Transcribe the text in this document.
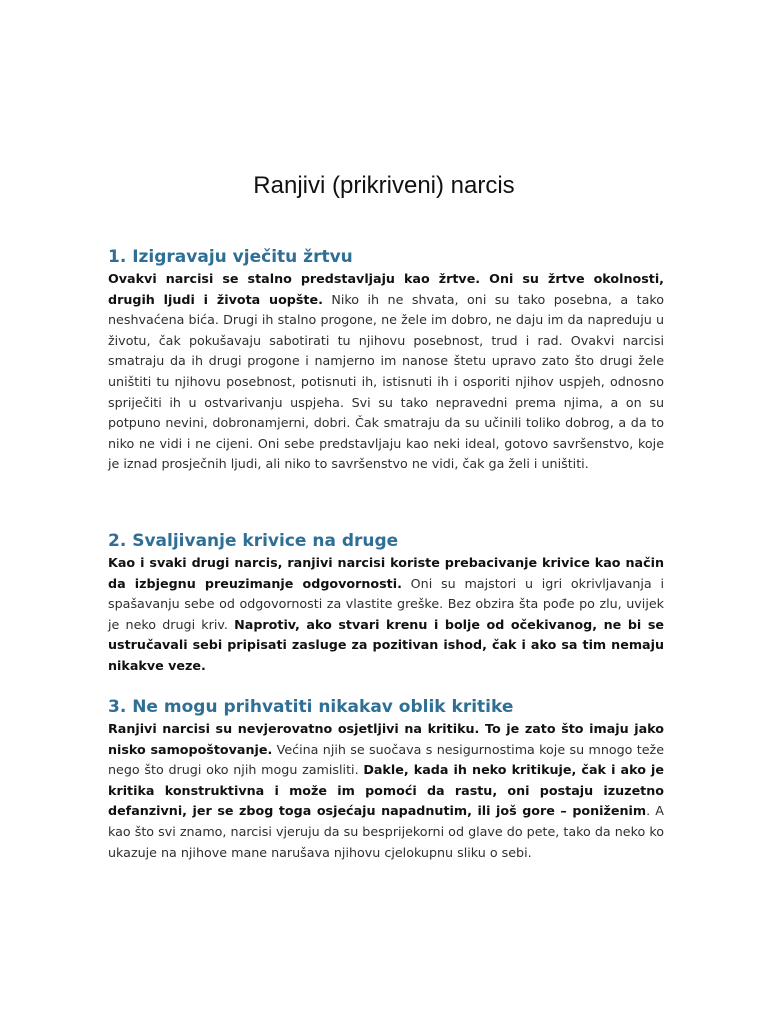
Ranjivi (prikriveni) narcis
1. Izigravaju vječitu žrtvu

Ovakvi narcisi se stalno predstavljaju kao žrtve. Oni su žrtve okolnosti, drugih ljudi i života uopšte. Niko ih ne shvata, oni su tako posebna, a tako neshvaćena bića. Drugi ih stalno progone, ne žele im dobro, ne daju im da napreduju u životu, čak pokušavaju sabotirati tu njihovu posebnost, trud i rad. Ovakvi narcisi smatraju da ih drugi progone i namjerno im nanose štetu upravo zato što drugi žele uništiti tu njihovu posebnost, potisnuti ih, istisnuti ih i osporiti njihov uspjeh, odnosno spriječiti ih u ostvarivanju uspjeha. Svi su tako nepravedni prema njima, a on su potpuno nevini, dobronamjerni, dobri. Čak smatraju da su učinili toliko dobrog, a da to niko ne vidi i ne cijeni. Oni sebe predstavljaju kao neki ideal, gotovo savršenstvo, koje je iznad prosječnih ljudi, ali niko to savršenstvo ne vidi, čak ga želi i uništiti.

2. Svaljivanje krivice na druge

Kao i svaki drugi narcis, ranjivi narcisi koriste prebacivanje krivice kao način da izbjegnu preuzimanje odgovornosti. Oni su majstori u igri okrivljavanja i spašavanju sebe od odgovornosti za vlastite greške. Bez obzira šta pođe po zlu, uvijek je neko drugi kriv. Naprotiv, ako stvari krenu i bolje od očekivanog, ne bi se ustručavali sebi pripisati zasluge za pozitivan ishod, čak i ako sa tim nemaju nikakve veze.

3. Ne mogu prihvatiti nikakav oblik kritike

Ranjivi narcisi su nevjerovatno osjetljivi na kritiku. To je zato što imaju jako nisko samopoštovanje. Većina njih se suočava s nesigurnostima koje su mnogo teže nego što drugi oko njih mogu zamisliti. Dakle, kada ih neko kritikuje, čak i ako je kritika konstruktivna i može im pomoći da rastu, oni postaju izuzetno defanzivni, jer se zbog toga osjećaju napadnutim, ili još gore – poniženim. A kao što svi znamo, narcisi vjeruju da su besprijekorni od glave do pete, tako da neko ko ukazuje na njihove mane narušava njihovu cjelokupnu sliku o sebi.
